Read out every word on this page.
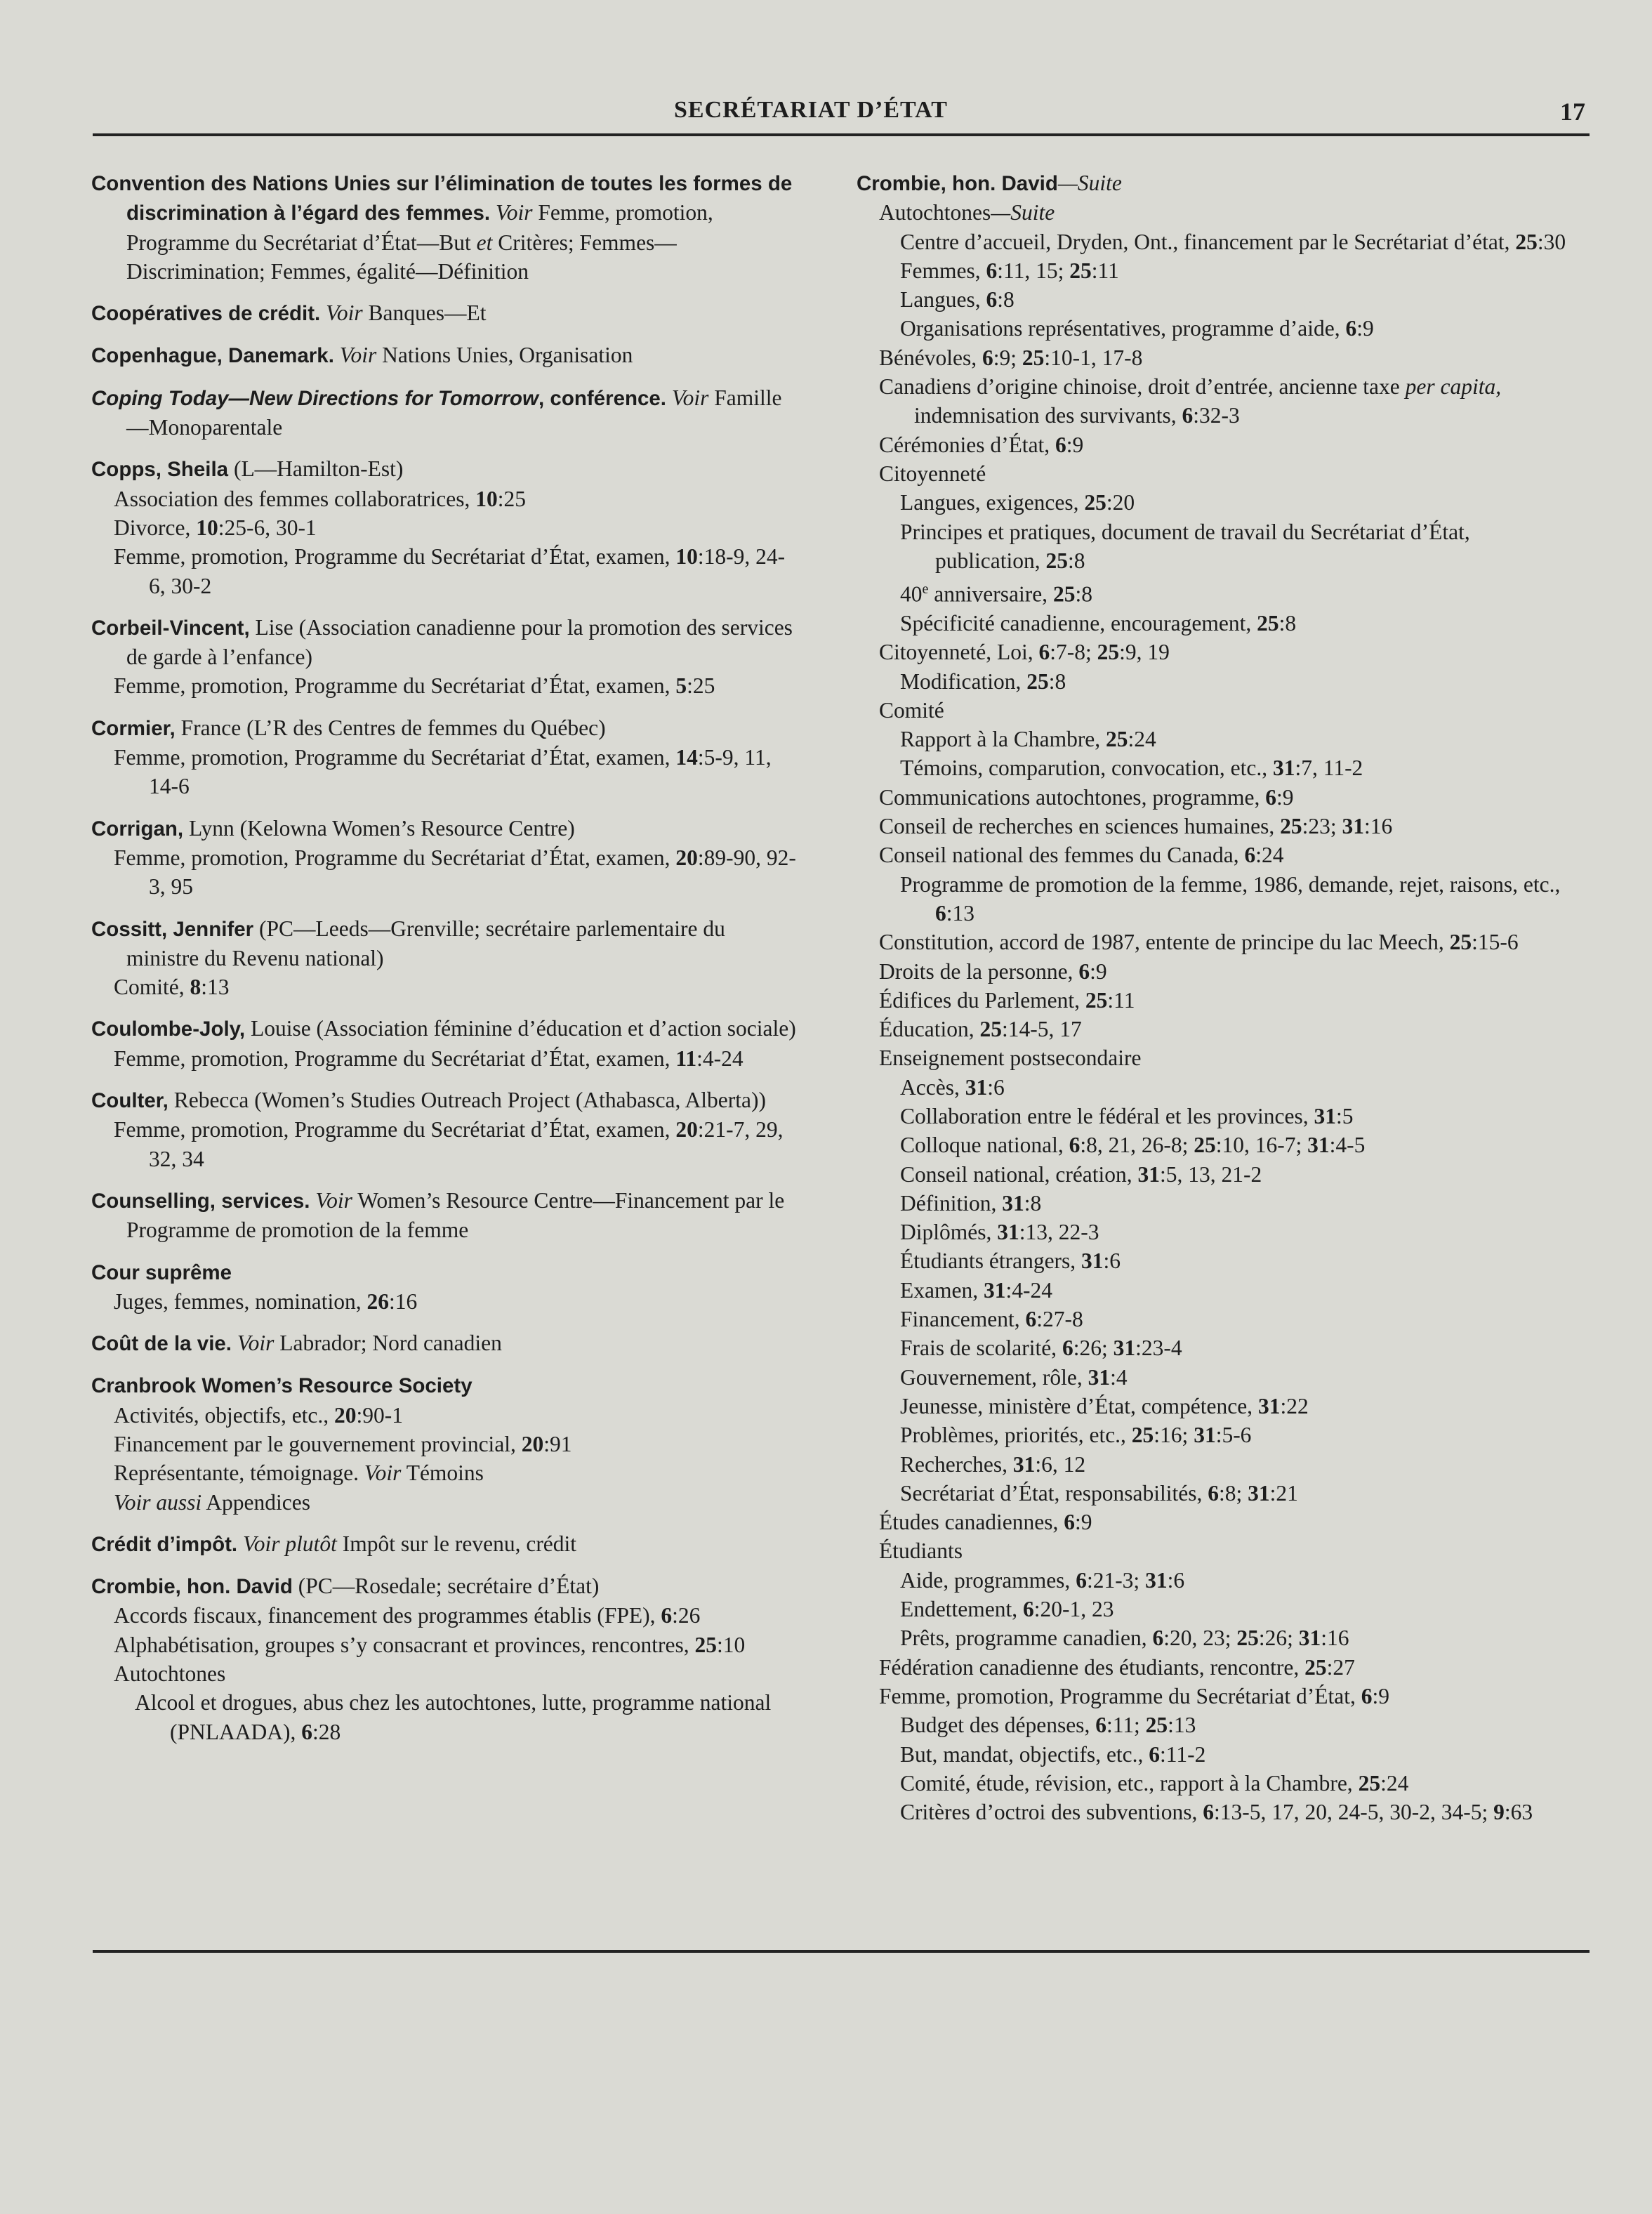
SECRÉTARIAT D’ÉTAT	17
Convention des Nations Unies sur l’élimination de toutes les formes de discrimination à l’égard des femmes. Voir Femme, promotion, Programme du Secrétariat d’État—But et Critères; Femmes—Discrimination; Femmes, égalité—Définition
Coopératives de crédit. Voir Banques—Et
Copenhague, Danemark. Voir Nations Unies, Organisation
Coping Today—New Directions for Tomorrow, conférence. Voir Famille—Monoparentale
Copps, Sheila (L—Hamilton-Est)
Association des femmes collaboratrices, 10:25
Divorce, 10:25-6, 30-1
Femme, promotion, Programme du Secrétariat d’État, examen, 10:18-9, 24-6, 30-2
Corbeil-Vincent, Lise (Association canadienne pour la promotion des services de garde à l’enfance)
Femme, promotion, Programme du Secrétariat d’État, examen, 5:25
Cormier, France (L’R des Centres de femmes du Québec)
Femme, promotion, Programme du Secrétariat d’État, examen, 14:5-9, 11, 14-6
Corrigan, Lynn (Kelowna Women’s Resource Centre)
Femme, promotion, Programme du Secrétariat d’État, examen, 20:89-90, 92-3, 95
Cossitt, Jennifer (PC—Leeds—Grenville; secrétaire parlementaire du ministre du Revenu national)
Comité, 8:13
Coulombe-Joly, Louise (Association féminine d’éducation et d’action sociale)
Femme, promotion, Programme du Secrétariat d’État, examen, 11:4-24
Coulter, Rebecca (Women’s Studies Outreach Project (Athabasca, Alberta))
Femme, promotion, Programme du Secrétariat d’État, examen, 20:21-7, 29, 32, 34
Counselling, services. Voir Women’s Resource Centre—Financement par le Programme de promotion de la femme
Cour suprême
Juges, femmes, nomination, 26:16
Coût de la vie. Voir Labrador; Nord canadien
Cranbrook Women’s Resource Society
Activités, objectifs, etc., 20:90-1
Financement par le gouvernement provincial, 20:91
Représentante, témoignage. Voir Témoins
Voir aussi Appendices
Crédit d’impôt. Voir plutôt Impôt sur le revenu, crédit
Crombie, hon. David (PC—Rosedale; secrétaire d’État)
Accords fiscaux, financement des programmes établis (FPE), 6:26
Alphabétisation, groupes s’y consacrant et provinces, rencontres, 25:10
Autochtones
Alcool et drogues, abus chez les autochtones, lutte, programme national (PNLAADA), 6:28
Crombie, hon. David—Suite
Autochtones—Suite
Centre d’accueil, Dryden, Ont., financement par le Secrétariat d’état, 25:30
Femmes, 6:11, 15; 25:11
Langues, 6:8
Organisations représentatives, programme d’aide, 6:9
Bénévoles, 6:9; 25:10-1, 17-8
Canadiens d’origine chinoise, droit d’entrée, ancienne taxe per capita, indemnisation des survivants, 6:32-3
Cérémonies d’État, 6:9
Citoyenneté
Langues, exigences, 25:20
Principes et pratiques, document de travail du Secrétariat d’État, publication, 25:8
40e anniversaire, 25:8
Spécificité canadienne, encouragement, 25:8
Citoyenneté, Loi, 6:7-8; 25:9, 19
Modification, 25:8
Comité
Rapport à la Chambre, 25:24
Témoins, comparution, convocation, etc., 31:7, 11-2
Communications autochtones, programme, 6:9
Conseil de recherches en sciences humaines, 25:23; 31:16
Conseil national des femmes du Canada, 6:24
Programme de promotion de la femme, 1986, demande, rejet, raisons, etc., 6:13
Constitution, accord de 1987, entente de principe du lac Meech, 25:15-6
Droits de la personne, 6:9
Édifices du Parlement, 25:11
Éducation, 25:14-5, 17
Enseignement postsecondaire
Accès, 31:6
Collaboration entre le fédéral et les provinces, 31:5
Colloque national, 6:8, 21, 26-8; 25:10, 16-7; 31:4-5
Conseil national, création, 31:5, 13, 21-2
Définition, 31:8
Diplômés, 31:13, 22-3
Étudiants étrangers, 31:6
Examen, 31:4-24
Financement, 6:27-8
Frais de scolarité, 6:26; 31:23-4
Gouvernement, rôle, 31:4
Jeunesse, ministère d’État, compétence, 31:22
Problèmes, priorités, etc., 25:16; 31:5-6
Recherches, 31:6, 12
Secrétariat d’État, responsabilités, 6:8; 31:21
Études canadiennes, 6:9
Étudiants
Aide, programmes, 6:21-3; 31:6
Endettement, 6:20-1, 23
Prêts, programme canadien, 6:20, 23; 25:26; 31:16
Fédération canadienne des étudiants, rencontre, 25:27
Femme, promotion, Programme du Secrétariat d’État, 6:9
Budget des dépenses, 6:11; 25:13
But, mandat, objectifs, etc., 6:11-2
Comité, étude, révision, etc., rapport à la Chambre, 25:24
Critères d’octroi des subventions, 6:13-5, 17, 20, 24-5, 30-2, 34-5; 9:63
